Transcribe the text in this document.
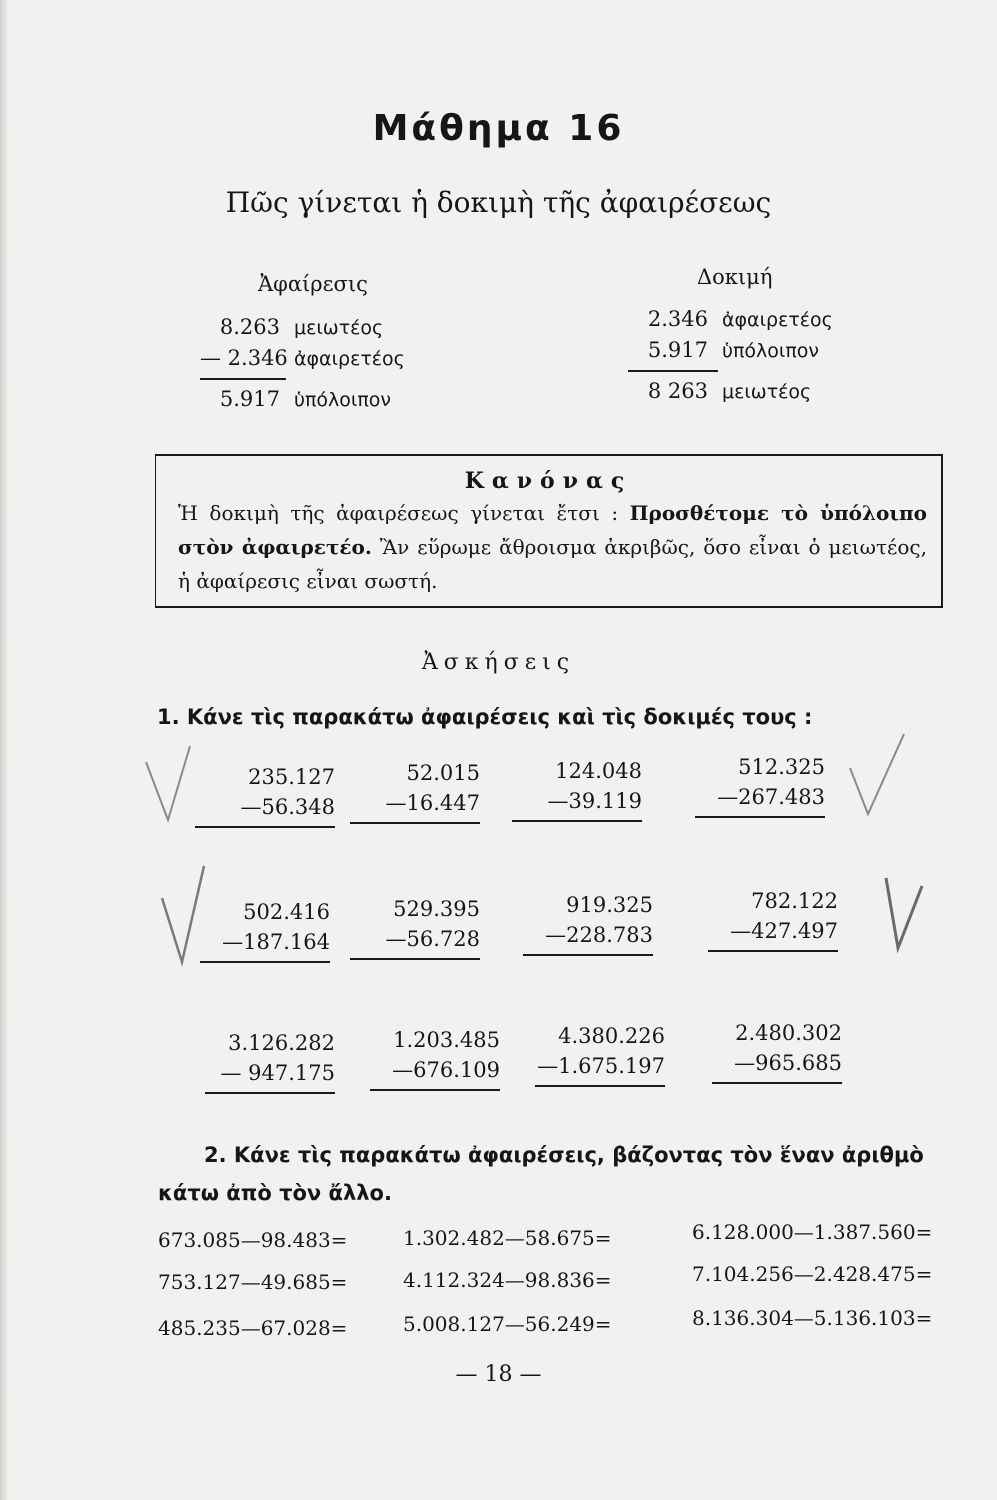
Μάθημα 16
Πῶς γίνεται ἡ δοκιμὴ τῆς ἀφαιρέσεως
Ἀφαίρεσις
8.263 μειωτέος
— 2.346 ἀφαιρετέος
5.917 ὑπόλοιπον
Δοκιμή
2.346 ἀφαιρετέος
5.917 ὑπόλοιπον
8 263 μειωτέος
Κανόνας
Ἡ δοκιμὴ τῆς ἀφαιρέσεως γίνεται ἔτσι : Προσθέτομε τὸ ὑπόλοιπο στὸν ἀφαιρετέο. Ἂν εὕρωμε ἄθροισμα ἀκριβῶς, ὅσο εἶναι ὁ μειωτέος, ἡ ἀφαίρεσις εἶναι σωστή.
Ἀσκήσεις
1. Κάνε τὶς παρακάτω ἀφαιρέσεις καὶ τὶς δοκιμές τους :
235.127
—56.348
52.015
—16.447
124.048
—39.119
512.325
—267.483
502.416
—187.164
529.395
—56.728
919.325
—228.783
782.122
—427.497
3.126.282
— 947.175
1.203.485
—676.109
4.380.226
—1.675.197
2.480.302
—965.685
2. Κάνε τὶς παρακάτω ἀφαιρέσεις, βάζοντας τὸν ἕναν ἀριθμὸ κάτω ἀπὸ τὸν ἄλλο.
673.085—98.483=	1.302.482—58.675=	6.128.000—1.387.560=
753.127—49.685=	4.112.324—98.836=	7.104.256—2.428.475=
485.235—67.028=	5.008.127—56.249=	8.136.304—5.136.103=
— 18 —
